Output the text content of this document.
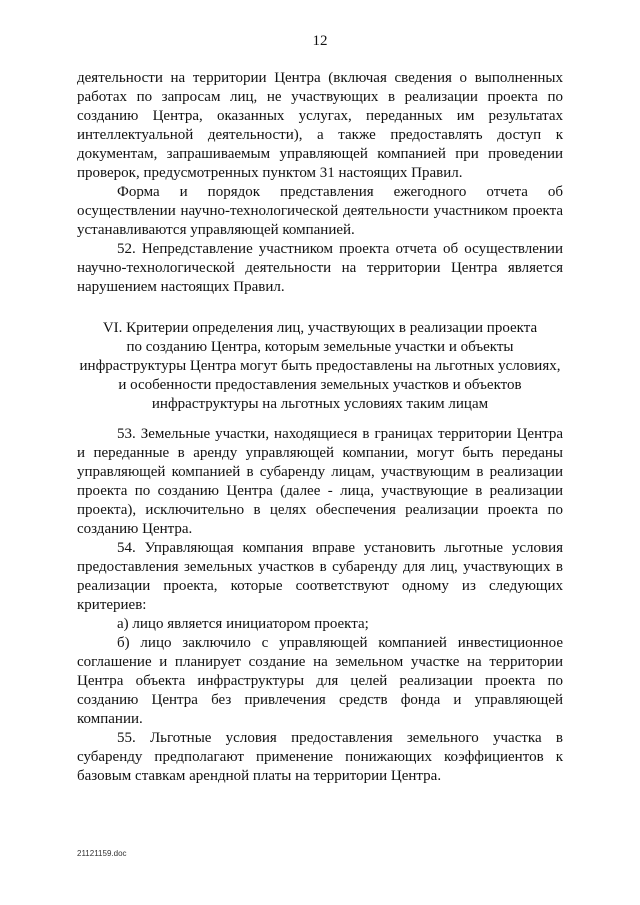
12

деятельности на территории Центра (включая сведения о выполненных работах по запросам лиц, не участвующих в реализации проекта по созданию Центра, оказанных услугах, переданных им результатах интеллектуальной деятельности), а также предоставлять доступ к документам, запрашиваемым управляющей компанией при проведении проверок, предусмотренных пунктом 31 настоящих Правил.

Форма и порядок представления ежегодного отчета об осуществлении научно-технологической деятельности участником проекта устанавливаются управляющей компанией.

52. Непредставление участником проекта отчета об осуществлении научно-технологической деятельности на территории Центра является нарушением настоящих Правил.

VI. Критерии определения лиц, участвующих в реализации проекта
по созданию Центра, которым земельные участки и объекты
инфраструктуры Центра могут быть предоставлены на льготных условиях,
и особенности предоставления земельных участков и объектов
инфраструктуры на льготных условиях таким лицам

53. Земельные участки, находящиеся в границах территории Центра и переданные в аренду управляющей компании, могут быть переданы управляющей компанией в субаренду лицам, участвующим в реализации проекта по созданию Центра (далее - лица, участвующие в реализации проекта), исключительно в целях обеспечения реализации проекта по созданию Центра.

54. Управляющая компания вправе установить льготные условия предоставления земельных участков в субаренду для лиц, участвующих в реализации проекта, которые соответствуют одному из следующих критериев:

а) лицо является инициатором проекта;

б) лицо заключило с управляющей компанией инвестиционное соглашение и планирует создание на земельном участке на территории Центра объекта инфраструктуры для целей реализации проекта по созданию Центра без привлечения средств фонда и управляющей компании.

55. Льготные условия предоставления земельного участка в субаренду предполагают применение понижающих коэффициентов к базовым ставкам арендной платы на территории Центра.

21121159.doc
